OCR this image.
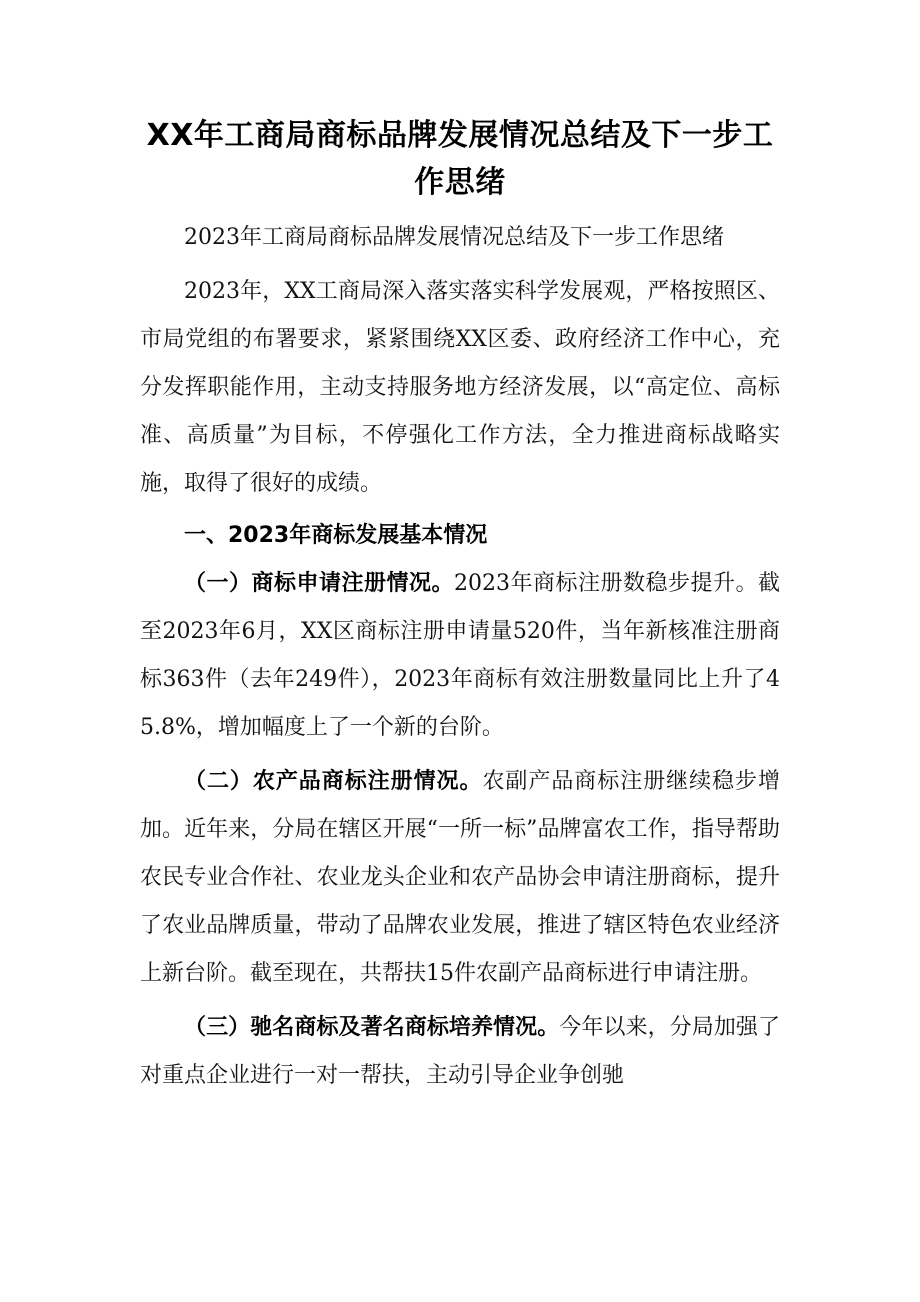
XX年工商局商标品牌发展情况总结及下一步工作思绪

2023年工商局商标品牌发展情况总结及下一步工作思绪

2023年，XX工商局深入落实落实科学发展观，严格按照区、市局党组的布署要求，紧紧围绕XX区委、政府经济工作中心，充分发挥职能作用，主动支持服务地方经济发展，以“高定位、高标准、高质量”为目标，不停强化工作方法，全力推进商标战略实施，取得了很好的成绩。

一、2023年商标发展基本情况

（一）商标申请注册情况。2023年商标注册数稳步提升。截至2023年6月，XX区商标注册申请量520件，当年新核准注册商标363件（去年249件），2023年商标有效注册数量同比上升了45.8%，增加幅度上了一个新的台阶。

（二）农产品商标注册情况。农副产品商标注册继续稳步增加。近年来，分局在辖区开展“一所一标”品牌富农工作，指导帮助农民专业合作社、农业龙头企业和农产品协会申请注册商标，提升了农业品牌质量，带动了品牌农业发展，推进了辖区特色农业经济上新台阶。截至现在，共帮扶15件农副产品商标进行申请注册。

（三）驰名商标及著名商标培养情况。今年以来，分局加强了对重点企业进行一对一帮扶，主动引导企业争创驰
